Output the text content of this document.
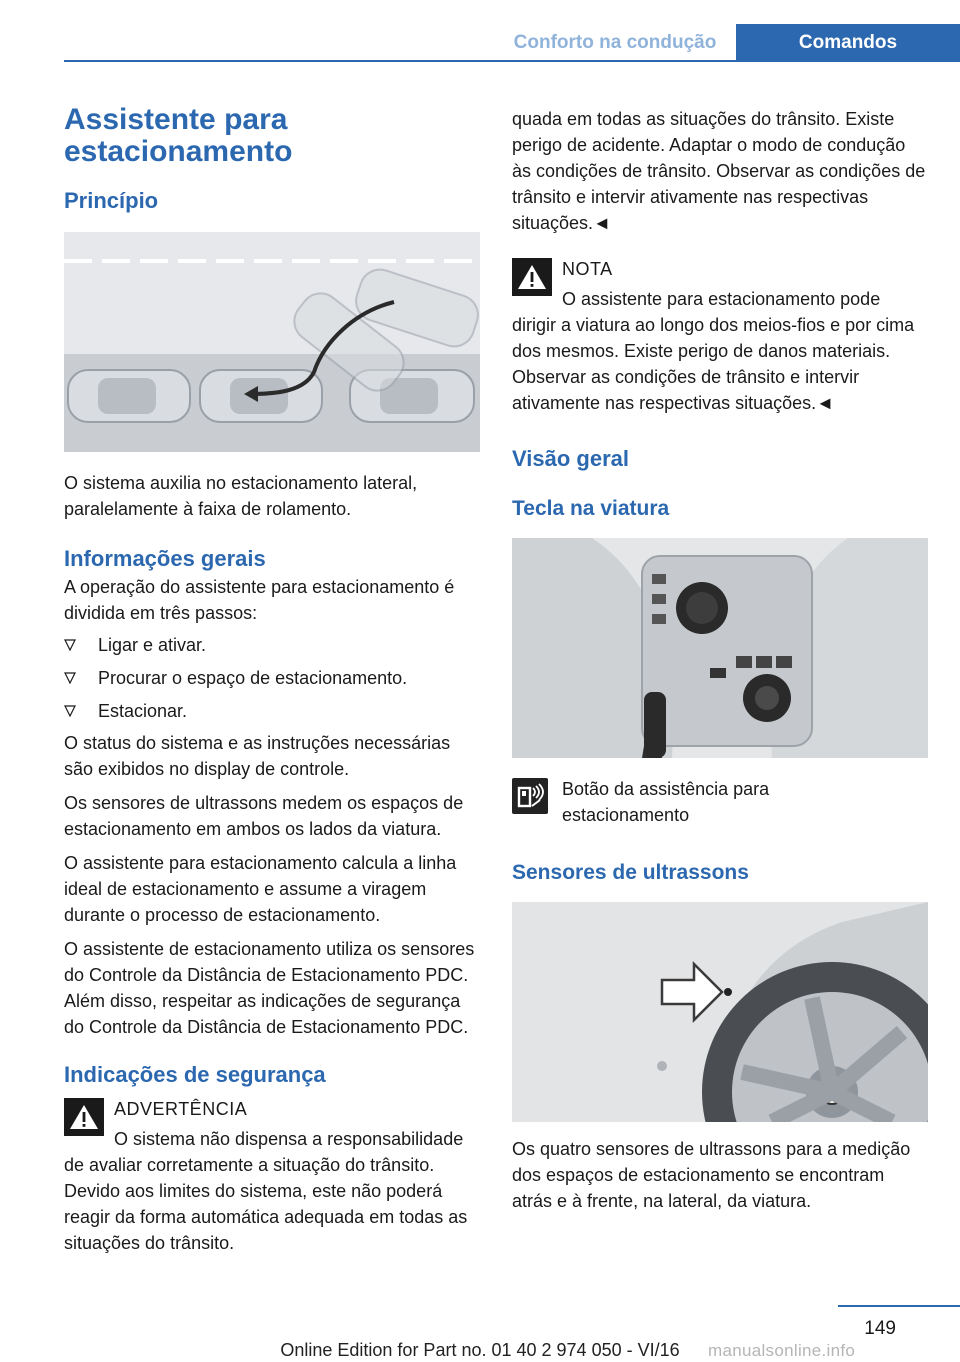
Conforto na condução	Comandos
Assistente para estacionamento
Princípio
O sistema auxilia no estacionamento lateral, paralelamente à faixa de rolamento.
Informações gerais
A operação do assistente para estacionamento é dividida em três passos:
Ligar e ativar.
Procurar o espaço de estacionamento.
Estacionar.
O status do sistema e as instruções necessárias são exibidos no display de controle.
Os sensores de ultrassons medem os espaços de estacionamento em ambos os lados da viatura.
O assistente para estacionamento calcula a linha ideal de estacionamento e assume a viragem durante o processo de estacionamento.
O assistente de estacionamento utiliza os sensores do Controle da Distância de Estacionamento PDC. Além disso, respeitar as indicações de segurança do Controle da Distância de Estacionamento PDC.
Indicações de segurança
ADVERTÊNCIA
O sistema não dispensa a responsabilidade de avaliar corretamente a situação do trânsito. Devido aos limites do sistema, este não poderá reagir da forma automática adequada em todas as situações do trânsito.
quada em todas as situações do trânsito. Existe perigo de acidente. Adaptar o modo de condução às condições de trânsito. Observar as condições de trânsito e intervir ativamente nas respectivas situações.◄
NOTA
O assistente para estacionamento pode dirigir a viatura ao longo dos meios-fios e por cima dos mesmos. Existe perigo de danos materiais. Observar as condições de trânsito e intervir ativamente nas respectivas situações.◄
Visão geral
Tecla na viatura
Botão da assistência para estacionamento
Sensores de ultrassons
Os quatro sensores de ultrassons para a medição dos espaços de estacionamento se encontram atrás e à frente, na lateral, da viatura.
149
Online Edition for Part no. 01 40 2 974 050 - VI/16	manualsonline.info
